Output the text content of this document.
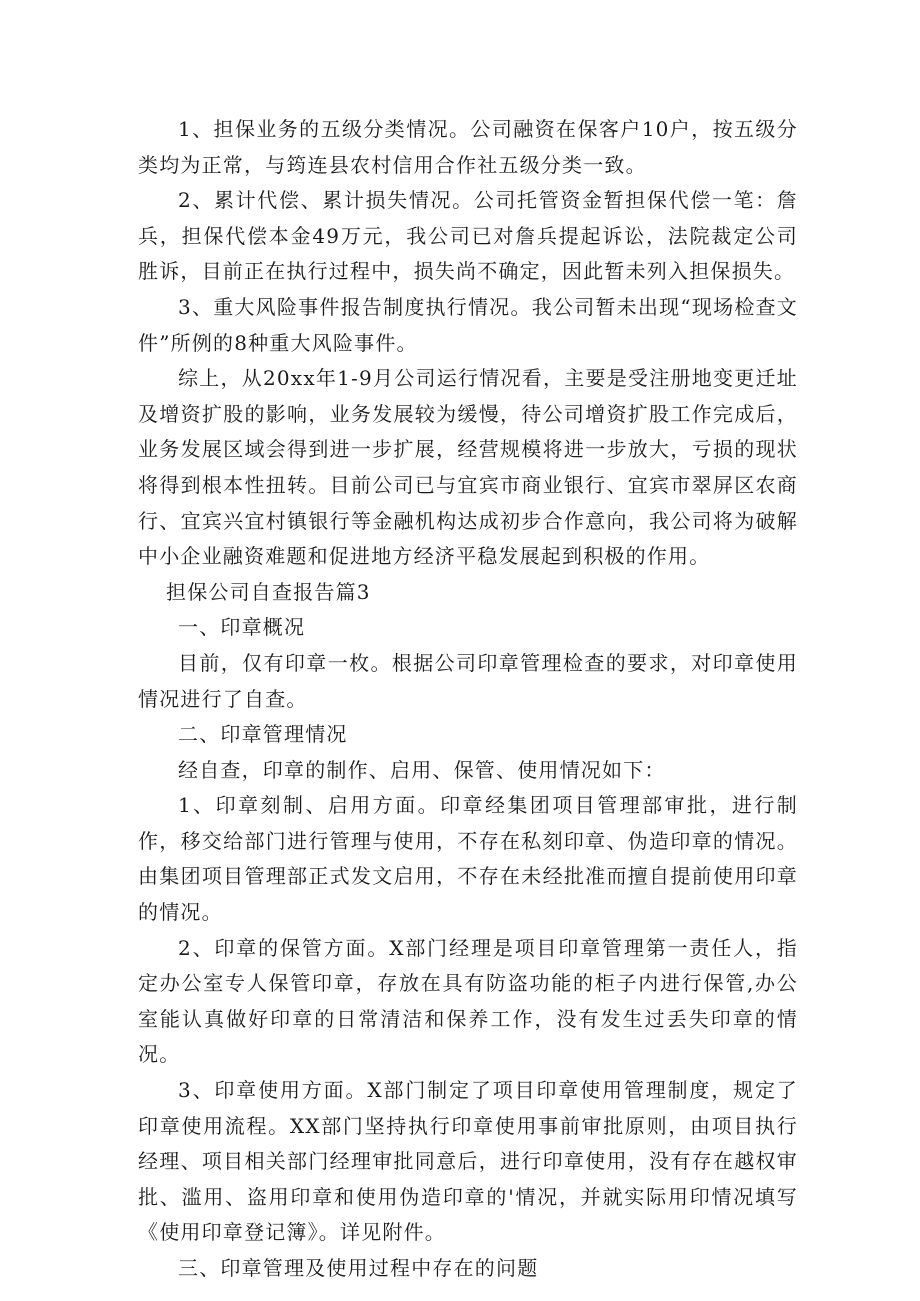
1、担保业务的五级分类情况。公司融资在保客户10户，按五级分类均为正常，与筠连县农村信用合作社五级分类一致。

2、累计代偿、累计损失情况。公司托管资金暂担保代偿一笔：詹兵，担保代偿本金49万元，我公司已对詹兵提起诉讼，法院裁定公司胜诉，目前正在执行过程中，损失尚不确定，因此暂未列入担保损失。

3、重大风险事件报告制度执行情况。我公司暂未出现“现场检查文件”所例的8种重大风险事件。

综上，从20xx年1-9月公司运行情况看，主要是受注册地变更迁址及增资扩股的影响，业务发展较为缓慢，待公司增资扩股工作完成后，业务发展区域会得到进一步扩展，经营规模将进一步放大，亏损的现状将得到根本性扭转。目前公司已与宜宾市商业银行、宜宾市翠屏区农商行、宜宾兴宜村镇银行等金融机构达成初步合作意向，我公司将为破解中小企业融资难题和促进地方经济平稳发展起到积极的作用。

担保公司自查报告篇3

一、印章概况

目前，仅有印章一枚。根据公司印章管理检查的要求，对印章使用情况进行了自查。

二、印章管理情况

经自查，印章的制作、启用、保管、使用情况如下：

1、印章刻制、启用方面。印章经集团项目管理部审批，进行制作，移交给部门进行管理与使用，不存在私刻印章、伪造印章的情况。由集团项目管理部正式发文启用，不存在未经批准而擅自提前使用印章的情况。

2、印章的保管方面。X部门经理是项目印章管理第一责任人，指定办公室专人保管印章，存放在具有防盗功能的柜子内进行保管,办公室能认真做好印章的日常清洁和保养工作，没有发生过丢失印章的情况。

3、印章使用方面。X部门制定了项目印章使用管理制度，规定了印章使用流程。XX部门坚持执行印章使用事前审批原则，由项目执行经理、项目相关部门经理审批同意后，进行印章使用，没有存在越权审批、滥用、盗用印章和使用伪造印章的'情况，并就实际用印情况填写《使用印章登记簿》。详见附件。

三、印章管理及使用过程中存在的问题
